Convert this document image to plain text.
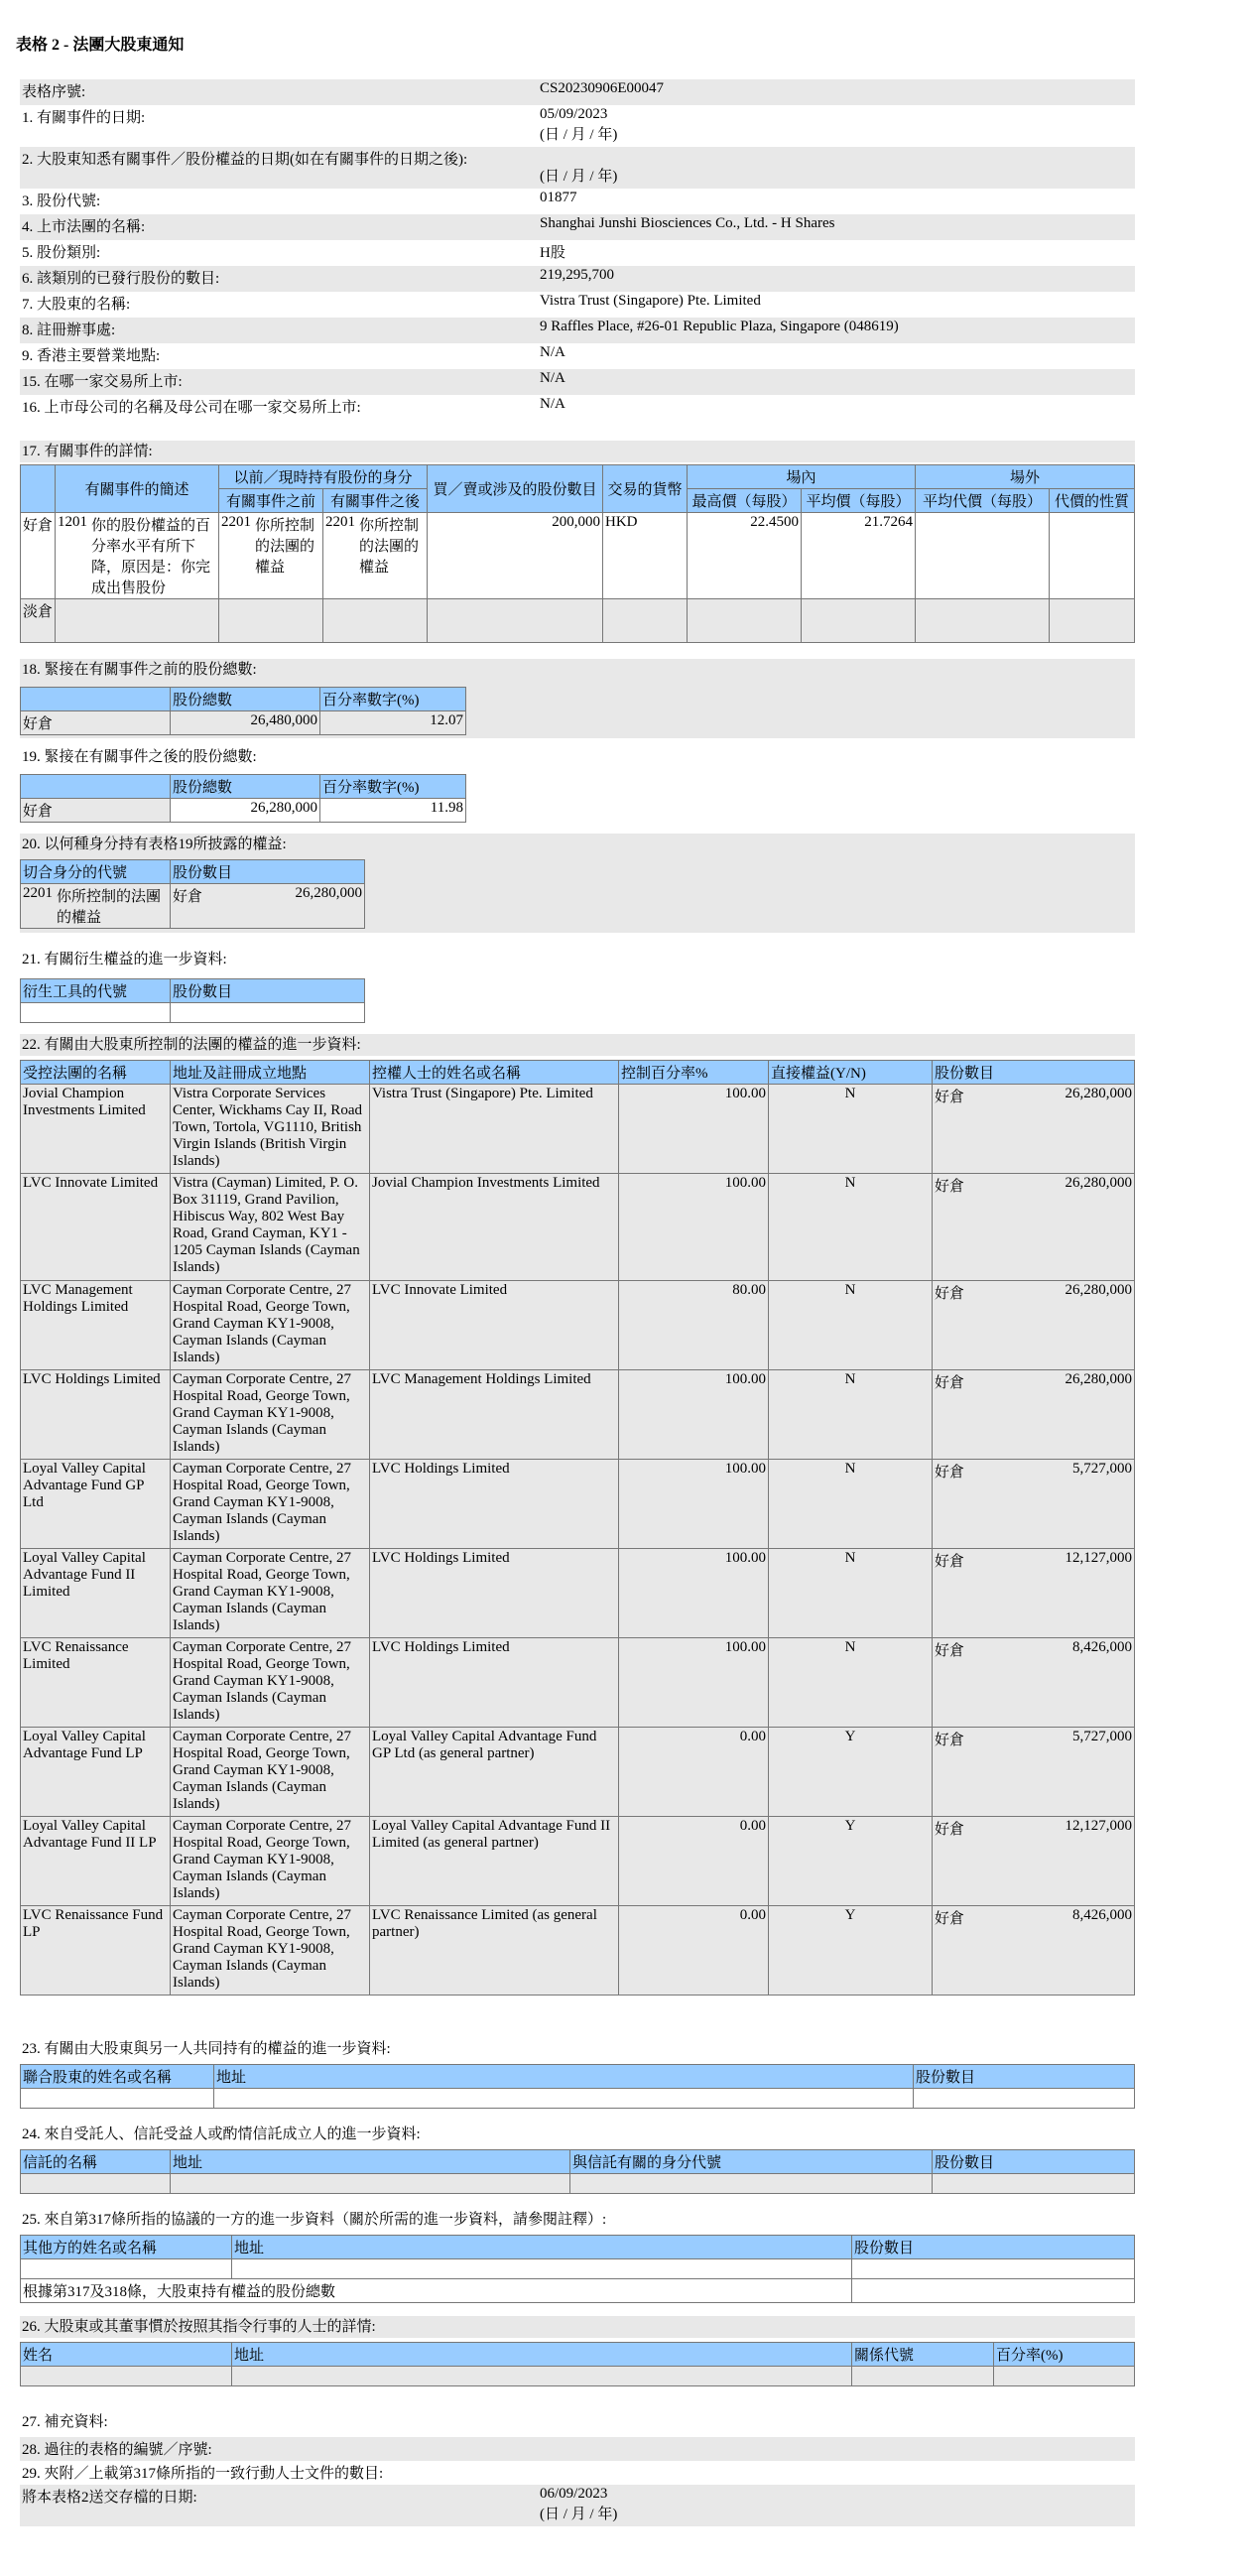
表格 2 - 法團大股東通知
表格序號:	CS20230906E00047
1. 有關事件的日期:	05/09/2023
(日 / 月 / 年)
2. 大股東知悉有關事件／股份權益的日期(如在有關事件的日期之後):

(日 / 月 / 年)
3. 股份代號:	01877
4. 上市法團的名稱:	Shanghai Junshi Biosciences Co., Ltd. - H Shares
5. 股份類別:	H股
6. 該類別的已發行股份的數目:	219,295,700
7. 大股東的名稱:	Vistra Trust (Singapore) Pte. Limited
8. 註冊辦事處:	9 Raffles Place, #26-01 Republic Plaza, Singapore (048619)
9. 香港主要營業地點:	N/A
15. 在哪一家交易所上市:	N/A
16. 上市母公司的名稱及母公司在哪一家交易所上市:	N/A
17. 有關事件的詳情:
	有關事件的簡述	以前／現時持有股份的身分		買／賣或涉及的股份數目	交易的貨幣	場內		場外	
		有關事件之前	有關事件之後			最高價（每股）	平均價（每股）	平均代價（每股）	代價的性質
好倉	1201 你的股份權益的百分率水平有所下降，原因是：你完成出售股份	2201 你所控制的法團的權益	2201 你所控制的法團的權益	200,000	HKD	22.4500	21.7264		
淡倉									
18. 緊接在有關事件之前的股份總數:
	股份總數	百分率數字(%)
好倉	26,480,000	12.07
19. 緊接在有關事件之後的股份總數:
	股份總數	百分率數字(%)
好倉	26,280,000	11.98
20. 以何種身分持有表格19所披露的權益:
切合身分的代號	股份數目

2201 你所控制的法團的權益	好倉 26,280,000
21. 有關衍生權益的進一步資料:
衍生工具的代號	股份數目

22. 有關由大股東所控制的法團的權益的進一步資料:
受控法團的名稱	地址及註冊成立地點	控權人士的姓名或名稱	控制百分率%	直接權益(Y/N)	股份數目
Jovial Champion Investments Limited	Vistra Corporate Services Center, Wickhams Cay II, Road Town, Tortola, VG1110, British Virgin Islands (British Virgin Islands)	Vistra Trust (Singapore) Pte. Limited	100.00	N	好倉 26,280,000

LVC Innovate Limited	Vistra (Cayman) Limited, P. O. Box 31119, Grand Pavilion, Hibiscus Way, 802 West Bay Road, Grand Cayman, KY1 - 1205 Cayman Islands (Cayman Islands)	Jovial Champion Investments Limited	100.00	N	好倉 26,280,000

LVC Management Holdings Limited	Cayman Corporate Centre, 27 Hospital Road, George Town, Grand Cayman KY1-9008, Cayman Islands (Cayman Islands)	LVC Innovate Limited	80.00	N	好倉 26,280,000

LVC Holdings Limited	Cayman Corporate Centre, 27 Hospital Road, George Town, Grand Cayman KY1-9008, Cayman Islands (Cayman Islands)	LVC Management Holdings Limited	100.00	N	好倉 26,280,000

Loyal Valley Capital Advantage Fund GP Ltd	Cayman Corporate Centre, 27 Hospital Road, George Town, Grand Cayman KY1-9008, Cayman Islands (Cayman Islands)	LVC Holdings Limited	100.00	N	好倉 5,727,000

Loyal Valley Capital Advantage Fund II Limited	Cayman Corporate Centre, 27 Hospital Road, George Town, Grand Cayman KY1-9008, Cayman Islands (Cayman Islands)	LVC Holdings Limited	100.00	N	好倉 12,127,000

LVC Renaissance Limited	Cayman Corporate Centre, 27 Hospital Road, George Town, Grand Cayman KY1-9008, Cayman Islands (Cayman Islands)	LVC Holdings Limited	100.00	N	好倉 8,426,000

Loyal Valley Capital Advantage Fund LP	Cayman Corporate Centre, 27 Hospital Road, George Town, Grand Cayman KY1-9008, Cayman Islands (Cayman Islands)	Loyal Valley Capital Advantage Fund GP Ltd (as general partner)	0.00	Y	好倉 5,727,000

Loyal Valley Capital Advantage Fund II LP	Cayman Corporate Centre, 27 Hospital Road, George Town, Grand Cayman KY1-9008, Cayman Islands (Cayman Islands)	Loyal Valley Capital Advantage Fund II Limited (as general partner)	0.00	Y	好倉 12,127,000

LVC Renaissance Fund LP	Cayman Corporate Centre, 27 Hospital Road, George Town, Grand Cayman KY1-9008, Cayman Islands (Cayman Islands)	LVC Renaissance Limited (as general partner)	0.00	Y	好倉 8,426,000
23. 有關由大股東與另一人共同持有的權益的進一步資料:
聯合股東的姓名或名稱	地址	股份數目

24. 來自受託人、信託受益人或酌情信託成立人的進一步資料:
信託的名稱	地址	與信託有關的身分代號	股份數目

25. 來自第317條所指的協議的一方的進一步資料（關於所需的進一步資料，請參閱註釋）:
其他方的姓名或名稱	地址	股份數目

根據第317及318條，大股東持有權益的股份總數		
26. 大股東或其董事慣於按照其指令行事的人士的詳情:
姓名	地址	關係代號	百分率(%)

27. 補充資料:
28. 過往的表格的編號／序號:
29. 夾附／上載第317條所指的一致行動人士文件的數目:
將本表格2送交存檔的日期:	06/09/2023
(日 / 月 / 年)
